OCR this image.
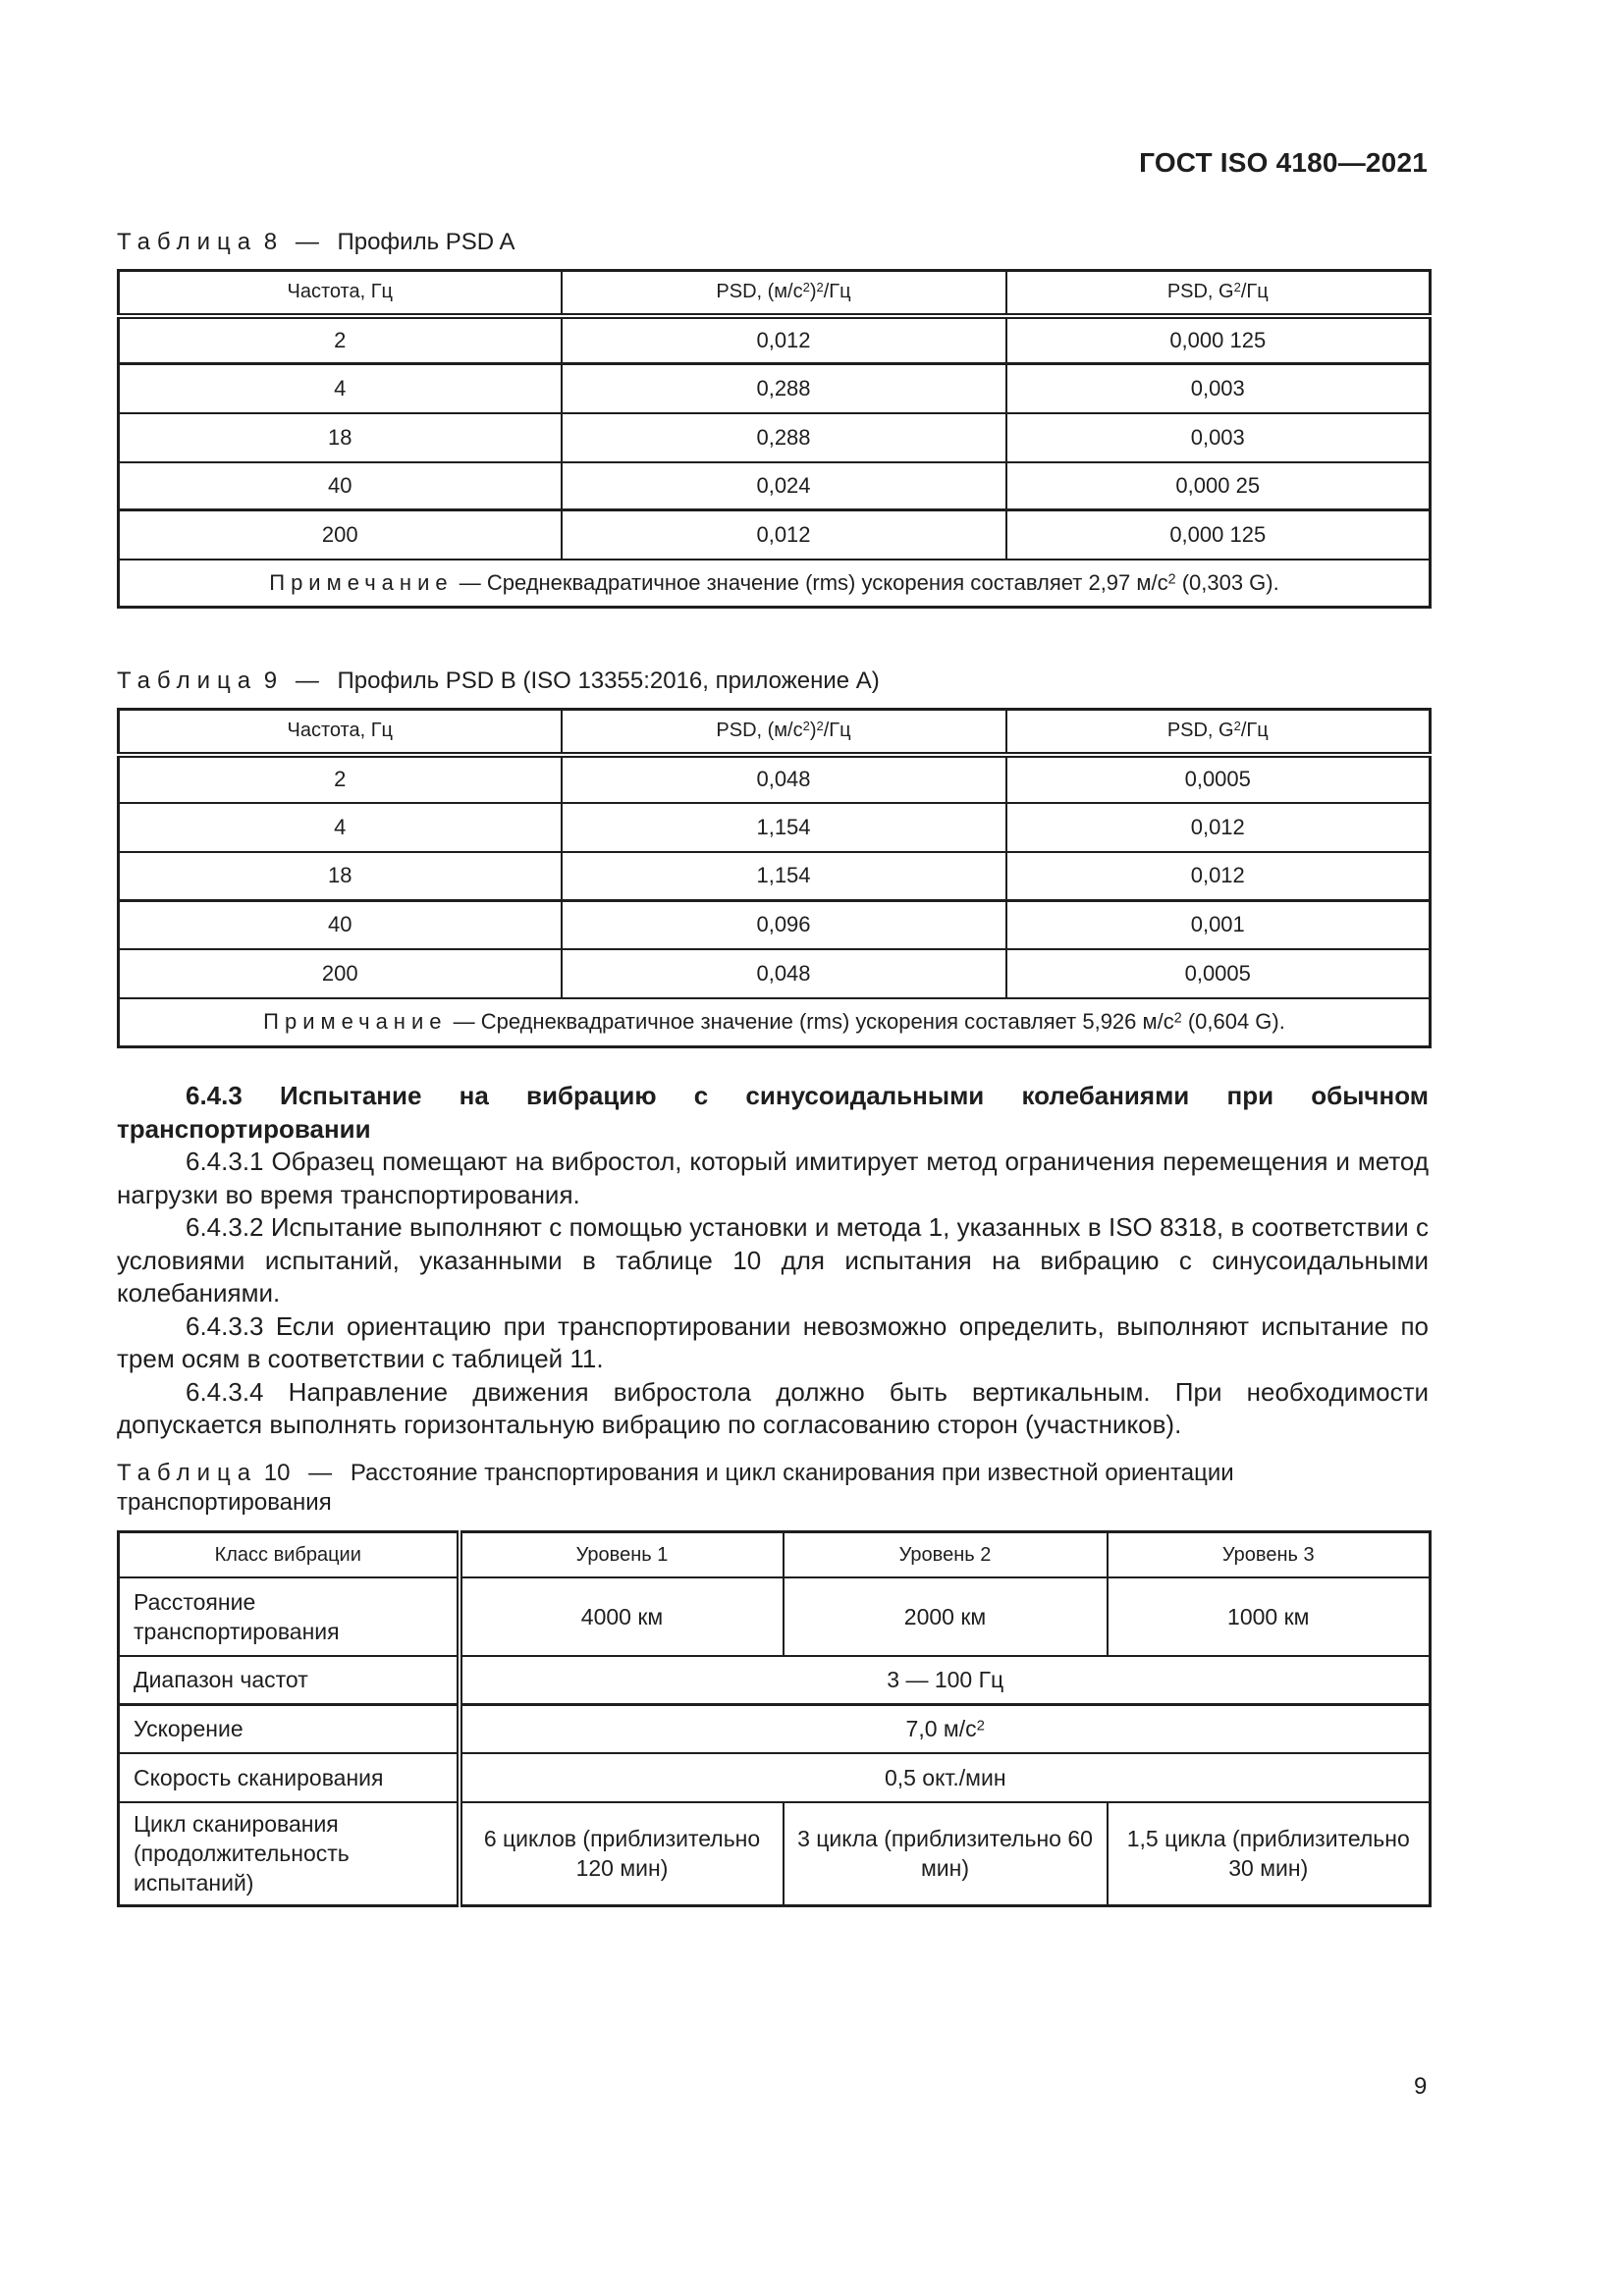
ГОСТ ISO 4180—2021
Таблица 8 — Профиль PSD A
Частота, Гц	PSD, $(м/с^2)^2/Гц$	PSD, $G^2/Гц$
2	0,012	0,000 125
4	0,288	0,003
18	0,288	0,003
40	0,024	0,000 25
200	0,012	0,000 125
Примечание — Среднеквадратичное значение (rms) ускорения составляет 2,97 $м/с^2$ (0,303 G).		
Таблица 9 — Профиль PSD B (ISO 13355:2016, приложение A)
Частота, Гц	PSD, $(м/с^2)^2/Гц$	PSD, $G^2/Гц$
2	0,048	0,0005
4	1,154	0,012
18	1,154	0,012
40	0,096	0,001
200	0,048	0,0005
Примечание — Среднеквадратичное значение (rms) ускорения составляет 5,926 $м/с^2$ (0,604 G).		

6.4.3 Испытание на вибрацию с синусоидальными колебаниями при обычном транспортировании

6.4.3.1 Образец помещают на вибростол, который имитирует метод ограничения перемещения и метод нагрузки во время транспортирования.

6.4.3.2 Испытание выполняют с помощью установки и метода 1, указанных в ISO 8318, в соответствии с условиями испытаний, указанными в таблице 10 для испытания на вибрацию с синусоидальными колебаниями.

6.4.3.3 Если ориентацию при транспортировании невозможно определить, выполняют испытание по трем осям в соответствии с таблицей 11.

6.4.3.4 Направление движения вибростола должно быть вертикальным. При необходимости допускается выполнять горизонтальную вибрацию по согласованию сторон (участников).

Таблица 10 — Расстояние транспортирования и цикл сканирования при известной ориентации транспортирования
Класс вибрации	Уровень 1	Уровень 2	Уровень 3
Расстояние транспортирования	4000 км	2000 км	1000 км
Диапазон частот	3 — 100 Гц		
Ускорение	7,0 $м/с^2$
Скорость сканирования	0,5 окт./мин		
Цикл сканирования (продолжительность испытаний)	6 циклов (приблизительно 120 мин)	3 цикла (приблизительно 60 мин)	1,5 цикла (приблизительно 30 мин)
9
